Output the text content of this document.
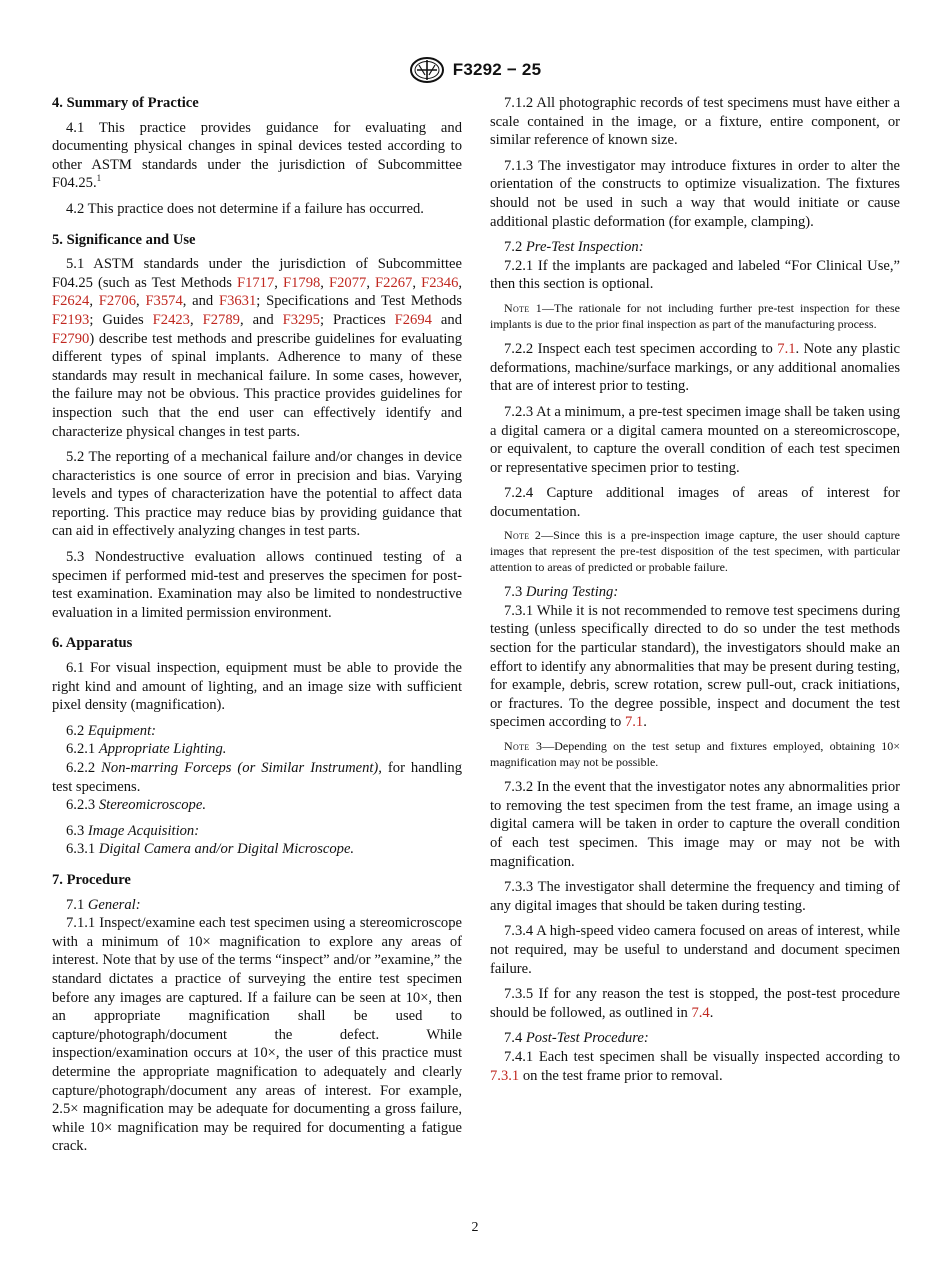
F3292 − 25

4. Summary of Practice

4.1 This practice provides guidance for evaluating and documenting physical changes in spinal devices tested according to other ASTM standards under the jurisdiction of Subcommittee F04.25.$^1$

4.2 This practice does not determine if a failure has occurred.

5. Significance and Use

5.1 ASTM standards under the jurisdiction of Subcommittee F04.25 (such as Test Methods F1717, F1798, F2077, F2267, F2346, F2624, F2706, F3574, and F3631; Specifications and Test Methods F2193; Guides F2423, F2789, and F3295; Practices F2694 and F2790) describe test methods and prescribe guidelines for evaluating different types of spinal implants. Adherence to many of these standards may result in mechanical failure. In some cases, however, the failure may not be obvious. This practice provides guidelines for inspection such that the end user can effectively identify and characterize physical changes in test parts.

5.2 The reporting of a mechanical failure and/or changes in device characteristics is one source of error in precision and bias. Varying levels and types of characterization have the potential to affect data reporting. This practice may reduce bias by providing guidance that can aid in effectively analyzing changes in test parts.

5.3 Nondestructive evaluation allows continued testing of a specimen if performed mid-test and preserves the specimen for post-test examination. Examination may also be limited to nondestructive evaluation in a limited permission environment.

6. Apparatus

6.1 For visual inspection, equipment must be able to provide the right kind and amount of lighting, and an image size with sufficient pixel density (magnification).

6.2 Equipment:

6.2.1 Appropriate Lighting.

6.2.2 Non-marring Forceps (or Similar Instrument), for handling test specimens.

6.2.3 Stereomicroscope.

6.3 Image Acquisition:

6.3.1 Digital Camera and/or Digital Microscope.

7. Procedure

7.1 General:

7.1.1 Inspect/examine each test specimen using a stereomicroscope with a minimum of 10× magnification to explore any areas of interest. Note that by use of the terms “inspect” and/or ”examine,” the standard dictates a practice of surveying the entire test specimen before any images are captured. If a failure can be seen at 10×, then an appropriate magnification shall be used to capture/photograph/document the defect. While inspection/examination occurs at 10×, the user of this practice must determine the appropriate magnification to adequately and clearly capture/photograph/document any areas of interest. For example, 2.5× magnification may be adequate for documenting a gross failure, while 10× magnification may be required for documenting a fatigue crack.

7.1.2 All photographic records of test specimens must have either a scale contained in the image, or a fixture, entire component, or similar reference of known size.

7.1.3 The investigator may introduce fixtures in order to alter the orientation of the constructs to optimize visualization. The fixtures should not be used in such a way that would initiate or cause additional plastic deformation (for example, clamping).

7.2 Pre-Test Inspection:

7.2.1 If the implants are packaged and labeled “For Clinical Use,” then this section is optional.

Note 1—The rationale for not including further pre-test inspection for these implants is due to the prior final inspection as part of the manufacturing process.

7.2.2 Inspect each test specimen according to 7.1. Note any plastic deformations, machine/surface markings, or any additional anomalies that are of interest prior to testing.

7.2.3 At a minimum, a pre-test specimen image shall be taken using a digital camera or a digital camera mounted on a stereomicroscope, or equivalent, to capture the overall condition of each test specimen or representative specimen prior to testing.

7.2.4 Capture additional images of areas of interest for documentation.

Note 2—Since this is a pre-inspection image capture, the user should capture images that represent the pre-test disposition of the test specimen, with particular attention to areas of predicted or probable failure.

7.3 During Testing:

7.3.1 While it is not recommended to remove test specimens during testing (unless specifically directed to do so under the test methods section for the particular standard), the investigators should make an effort to identify any abnormalities that may be present during testing, for example, debris, screw rotation, screw pull-out, crack initiations, or fractures. To the degree possible, inspect and document the test specimen according to 7.1.

Note 3—Depending on the test setup and fixtures employed, obtaining 10× magnification may not be possible.

7.3.2 In the event that the investigator notes any abnormalities prior to removing the test specimen from the test frame, an image using a digital camera will be taken in order to capture the overall condition of each test specimen. This image may or may not be with magnification.

7.3.3 The investigator shall determine the frequency and timing of any digital images that should be taken during testing.

7.3.4 A high-speed video camera focused on areas of interest, while not required, may be useful to understand and document specimen failure.

7.3.5 If for any reason the test is stopped, the post-test procedure should be followed, as outlined in 7.4.

7.4 Post-Test Procedure:

7.4.1 Each test specimen shall be visually inspected according to 7.3.1 on the test frame prior to removal.

2
